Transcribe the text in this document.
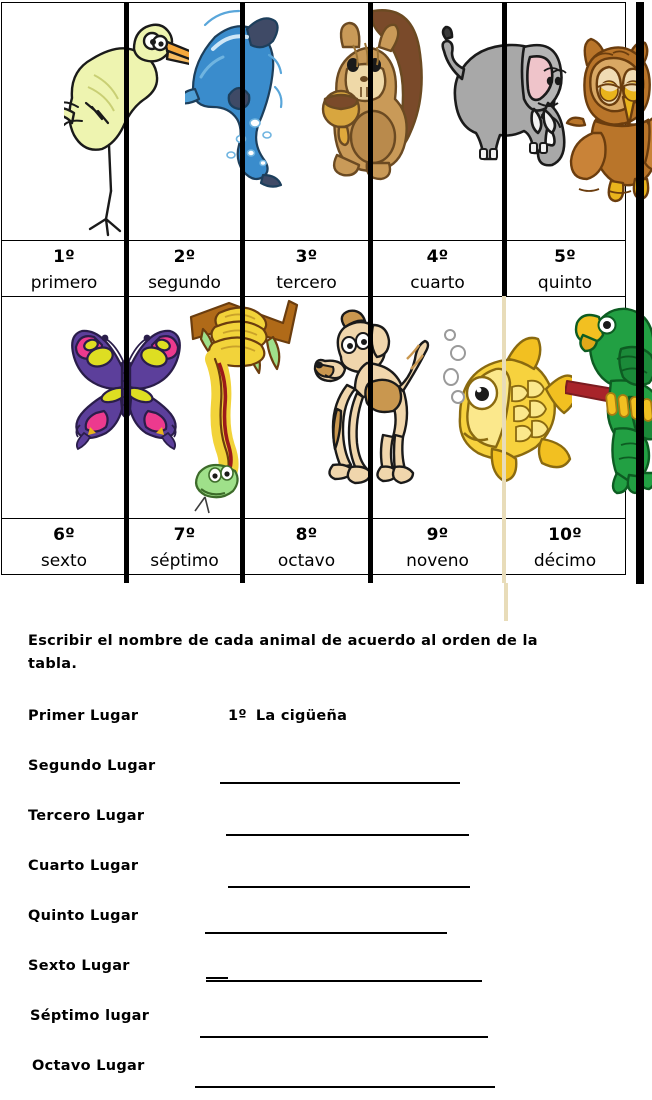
1º
primero

2º
segundo

3º
tercero

4º
cuarto

5º
quinto

6º
sexto

7º
séptimo

8º
octavo

9º
noveno

10º
décimo
Escribir el nombre de cada animal de acuerdo al orden de la tabla.
Primer Lugar	1º La cigüeña
Segundo Lugar
Tercero Lugar
Cuarto Lugar
Quinto Lugar
Sexto Lugar
Séptimo lugar
Octavo Lugar
